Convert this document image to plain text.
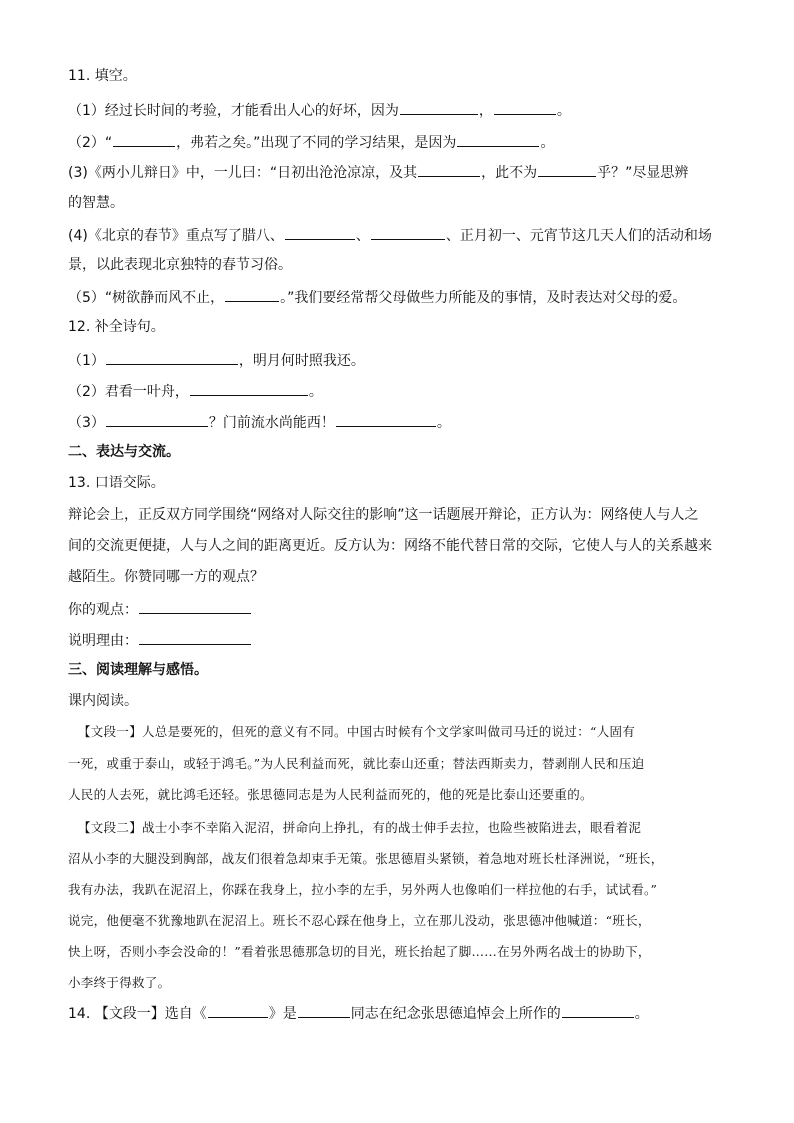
11. 填空。
（1）经过长时间的考验，才能看出人心的好坏，因为	，	。
（2）“	，弗若之矣。”出现了不同的学习结果，是因为	。
(3)《两小儿辩日》中，一儿曰：“日初出沧沧凉凉，及其	，此不为	乎？”尽显思辨
的智慧。
(4)《北京的春节》重点写了腊八、	、	、正月初一、元宵节这几天人们的活动和场
景，以此表现北京独特的春节习俗。
（5）“树欲静而风不止，	。”我们要经常帮父母做些力所能及的事情，及时表达对父母的爱。
12. 补全诗句。
（1）	，明月何时照我还。
（2）君看一叶舟，	。
（3）	？门前流水尚能西！	。
二、表达与交流。
13. 口语交际。
辩论会上，正反双方同学围绕“网络对人际交往的影响”这一话题展开辩论，正方认为：网络使人与人之
间的交流更便捷，人与人之间的距离更近。反方认为：网络不能代替日常的交际，它使人与人的关系越来
越陌生。你赞同哪一方的观点？
你的观点：
说明理由：
三、阅读理解与感悟。
课内阅读。
【文段一】人总是要死的，但死的意义有不同。中国古时候有个文学家叫做司马迁的说过：“人固有
一死，或重于泰山，或轻于鸿毛。”为人民利益而死，就比泰山还重；替法西斯卖力，替剥削人民和压迫
人民的人去死，就比鸿毛还轻。张思德同志是为人民利益而死的，他的死是比泰山还要重的。
【文段二】战士小李不幸陷入泥沼，拼命向上挣扎，有的战士伸手去拉，也险些被陷进去，眼看着泥
沼从小李的大腿没到胸部，战友们很着急却束手无策。张思德眉头紧锁，着急地对班长杜泽洲说，“班长，
我有办法，我趴在泥沼上，你踩在我身上，拉小李的左手，另外两人也像咱们一样拉他的右手，试试看。”
说完，他便毫不犹豫地趴在泥沼上。班长不忍心踩在他身上，立在那儿没动，张思德冲他喊道：“班长，
快上呀，否则小李会没命的！”看着张思德那急切的目光，班长抬起了脚……在另外两名战士的协助下，
小李终于得救了。
14. 【文段一】选自《	》是	同志在纪念张思德追悼会上所作的	。
